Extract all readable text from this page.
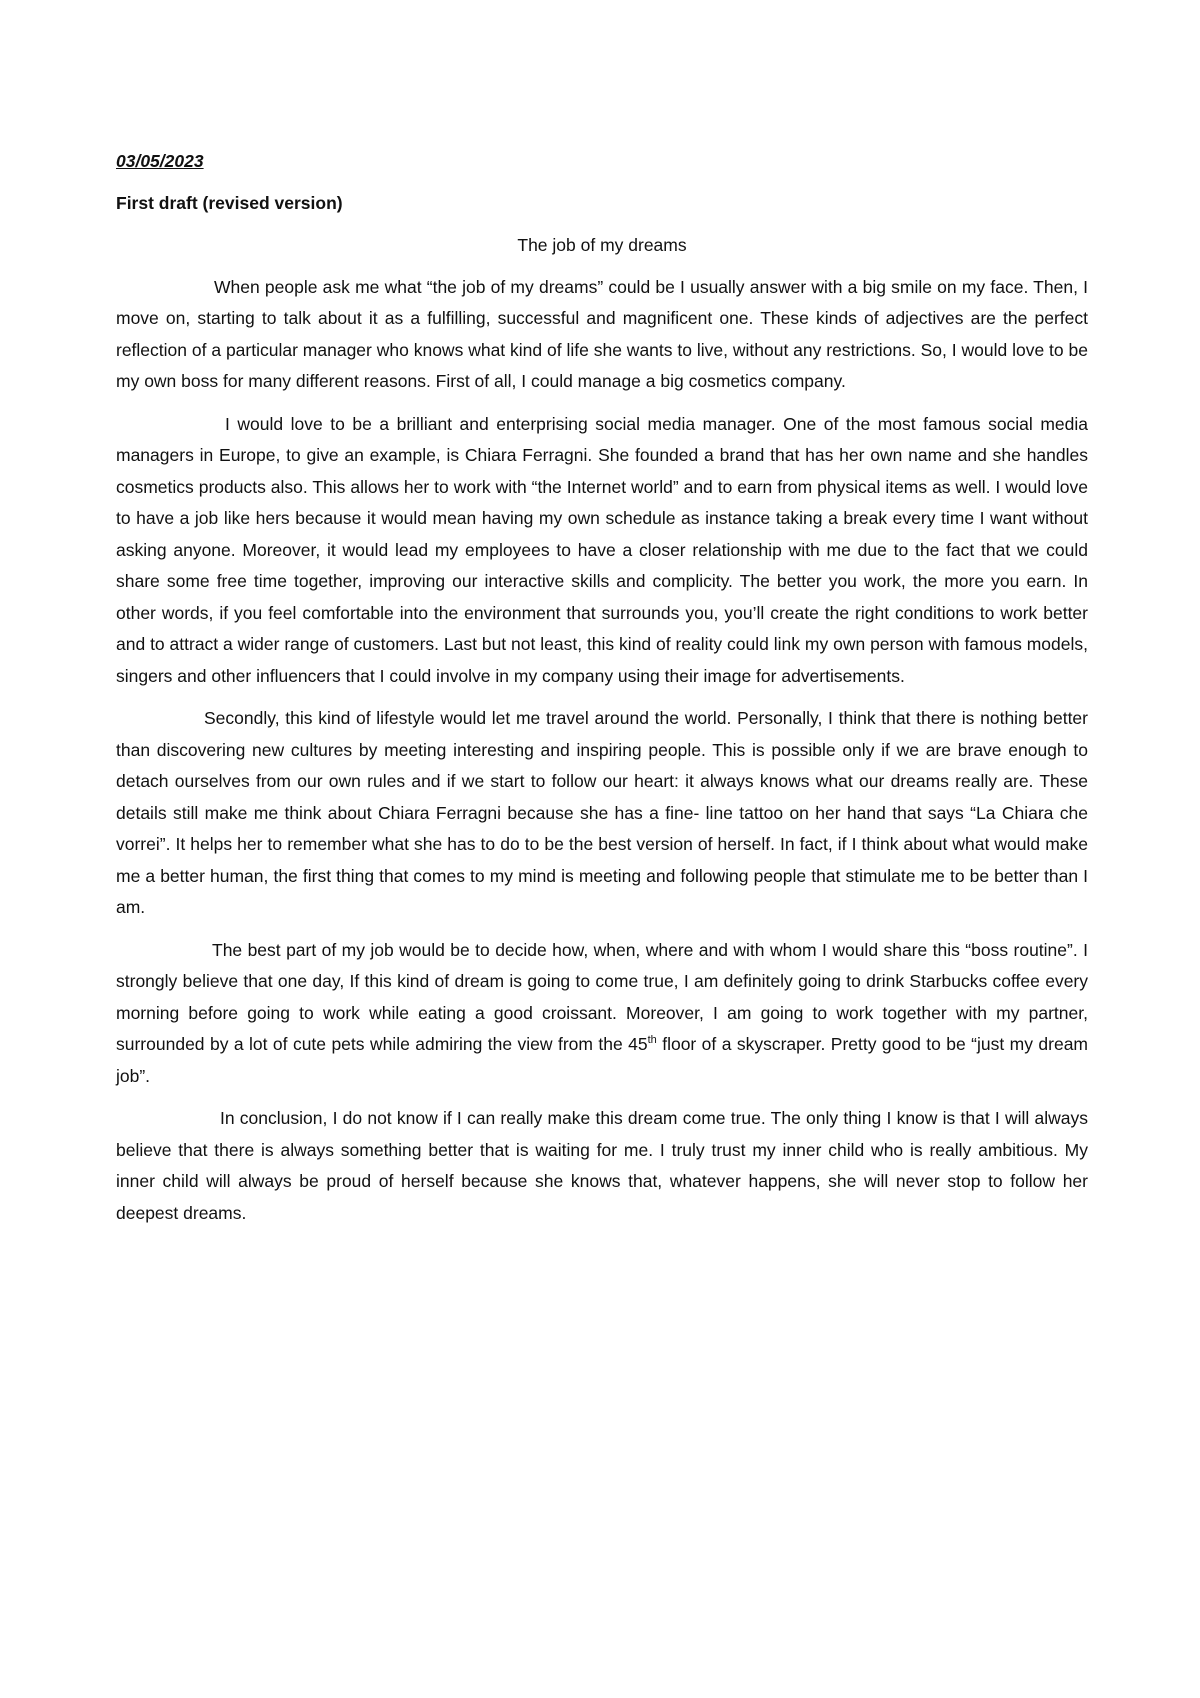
03/05/2023

First draft (revised version)

The job of my dreams

When people ask me what “the job of my dreams” could be I usually answer with a big smile on my face. Then, I move on, starting to talk about it as a fulfilling, successful and magnificent one. These kinds of adjectives are the perfect reflection of a particular manager who knows what kind of life she wants to live, without any restrictions. So, I would love to be my own boss for many different reasons. First of all, I could manage a big cosmetics company.

I would love to be a brilliant and enterprising social media manager. One of the most famous social media managers in Europe, to give an example, is Chiara Ferragni. She founded a brand that has her own name and she handles cosmetics products also. This allows her to work with “the Internet world” and to earn from physical items as well. I would love to have a job like hers because it would mean having my own schedule as instance taking a break every time I want without asking anyone. Moreover, it would lead my employees to have a closer relationship with me due to the fact that we could share some free time together, improving our interactive skills and complicity. The better you work, the more you earn. In other words, if you feel comfortable into the environment that surrounds you, you’ll create the right conditions to work better and to attract a wider range of customers. Last but not least, this kind of reality could link my own person with famous models, singers and other influencers that I could involve in my company using their image for advertisements.

Secondly, this kind of lifestyle would let me travel around the world. Personally, I think that there is nothing better than discovering new cultures by meeting interesting and inspiring people. This is possible only if we are brave enough to detach ourselves from our own rules and if we start to follow our heart: it always knows what our dreams really are. These details still make me think about Chiara Ferragni because she has a fine- line tattoo on her hand that says “La Chiara che vorrei”. It helps her to remember what she has to do to be the best version of herself. In fact, if I think about what would make me a better human, the first thing that comes to my mind is meeting and following people that stimulate me to be better than I am.

The best part of my job would be to decide how, when, where and with whom I would share this “boss routine”. I strongly believe that one day, If this kind of dream is going to come true, I am definitely going to drink Starbucks coffee every morning before going to work while eating a good croissant. Moreover, I am going to work together with my partner, surrounded by a lot of cute pets while admiring the view from the 45th floor of a skyscraper. Pretty good to be “just my dream job”.

In conclusion, I do not know if I can really make this dream come true. The only thing I know is that I will always believe that there is always something better that is waiting for me. I truly trust my inner child who is really ambitious. My inner child will always be proud of herself because she knows that, whatever happens, she will never stop to follow her deepest dreams.
